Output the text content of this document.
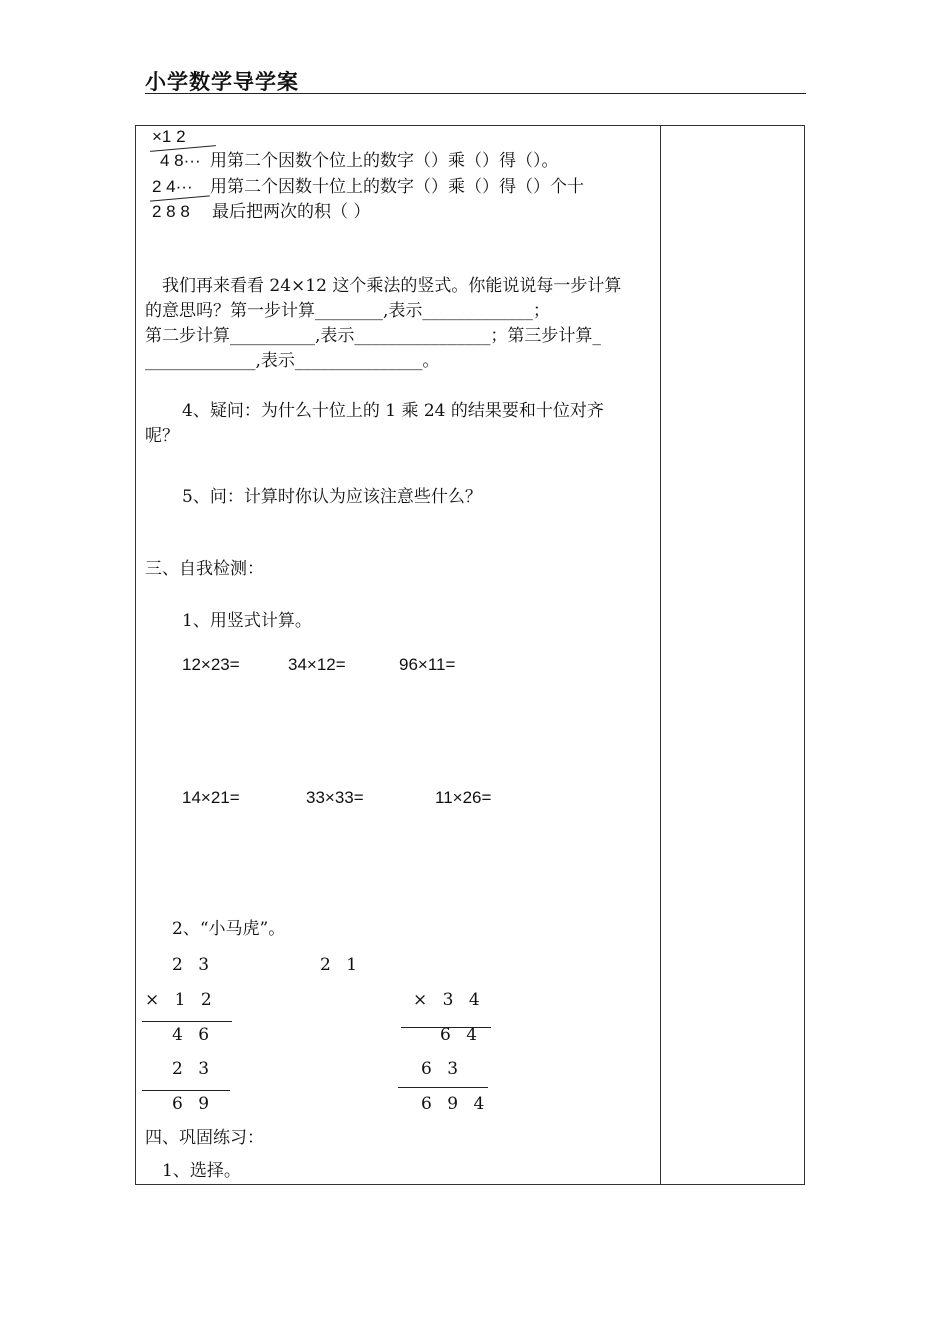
小学数学导学案
×1 2
4 8··· 用第二个因数个位上的数字（）乘（）得（）。
2 4··· 用第二个因数十位上的数字（）乘（）得（）个十
2 8 8 最后把两次的积（ ）
我们再来看看 24×12 这个乘法的竖式。你能说说每一步计算
的意思吗？第一步计算________,表示_____________；
第二步计算__________,表示________________；第三步计算_
_____________,表示_______________。
4、疑问：为什么十位上的 1 乘 24 的结果要和十位对齐
呢？
5、问：计算时你认为应该注意些什么？
三、自我检测：
1、用竖式计算。
12×23=	34×12=	96×11=
14×21=	33×33=	11×26=
2、“小马虎”。
2 3
× 1 2
4 6
2 3
6 9
2 1
× 3 4
6 4
6 3
6 9 4
四、巩固练习：
1、选择。
